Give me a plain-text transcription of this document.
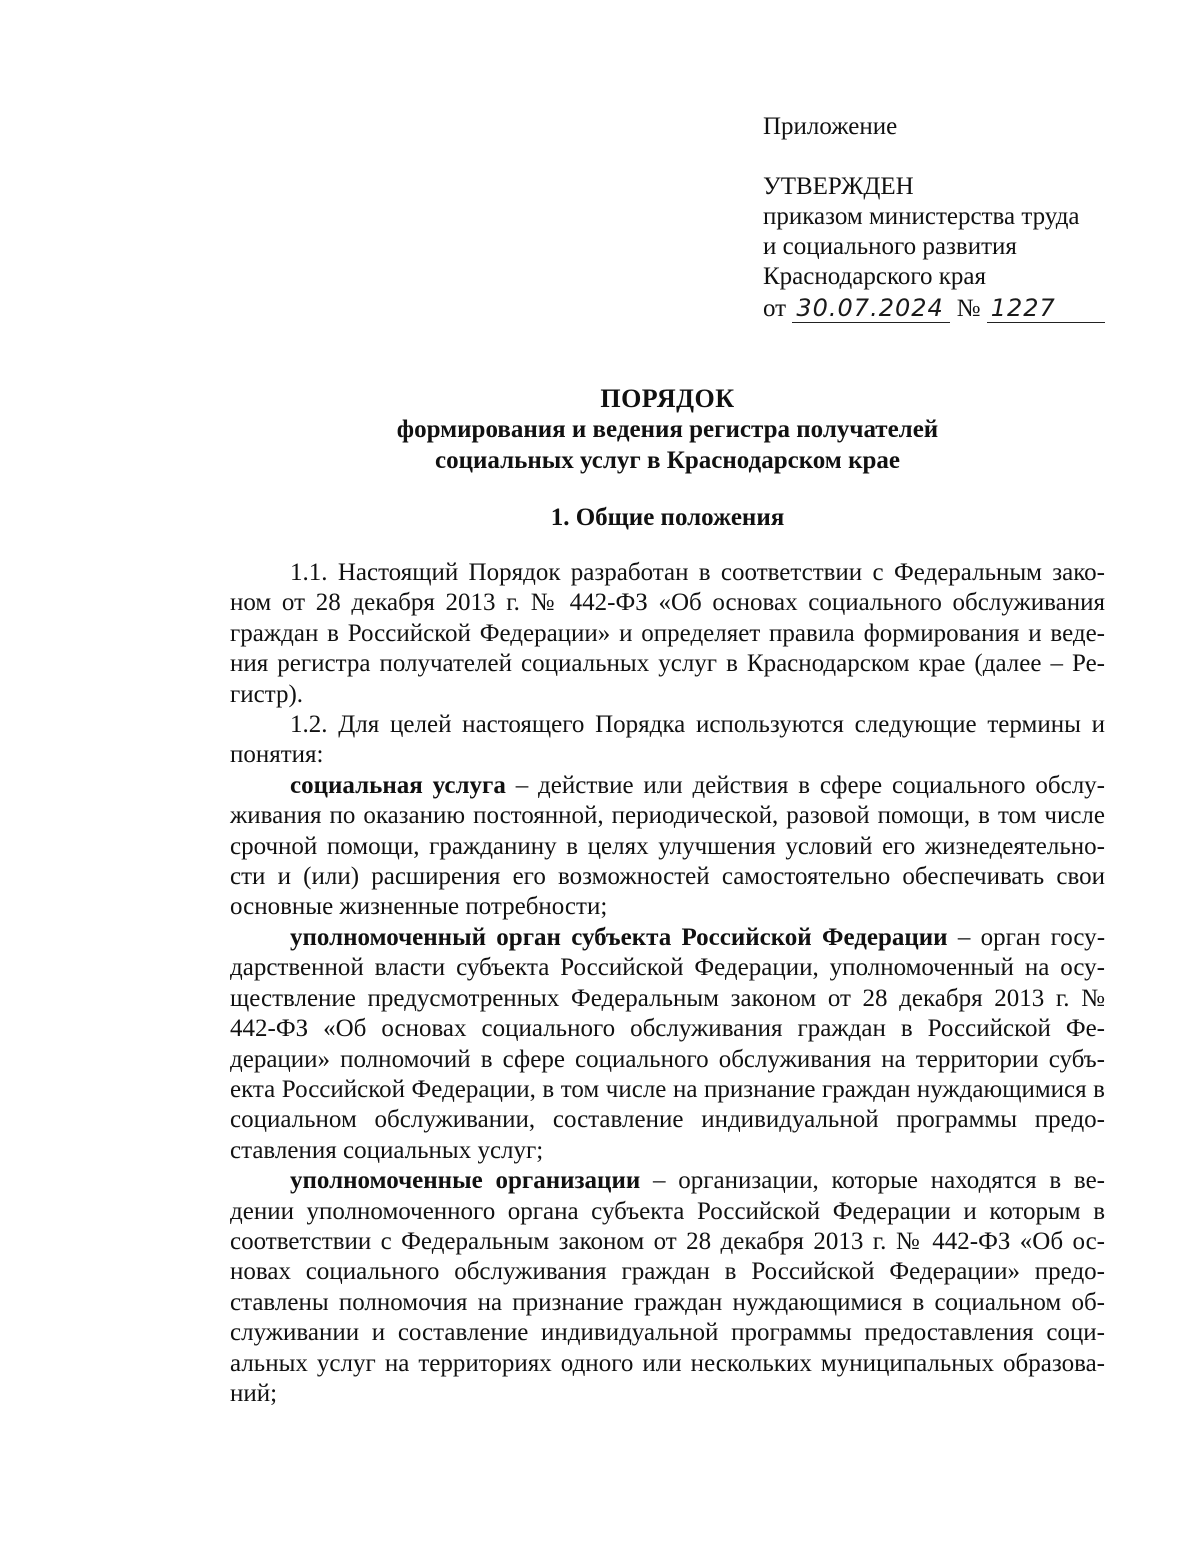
Приложение
УТВЕРЖДЕН
приказом министерства труда
и социального развития
Краснодарского края
от 30.07.2024 № 1227
ПОРЯДОК
формирования и ведения регистра получателей
социальных услуг в Краснодарском крае
1. Общие положения

1.1. Настоящий Порядок разработан в соответствии с Федеральным законом от 28 декабря 2013 г. № 442-ФЗ «Об основах социального обслуживания граждан в Российской Федерации» и определяет правила формирования и ведения регистра получателей социальных услуг в Краснодарском крае (далее – Регистр).

1.2. Для целей настоящего Порядка используются следующие термины и понятия:

социальная услуга – действие или действия в сфере социального обслуживания по оказанию постоянной, периодической, разовой помощи, в том числе срочной помощи, гражданину в целях улучшения условий его жизнедеятельности и (или) расширения его возможностей самостоятельно обеспечивать свои основные жизненные потребности;

уполномоченный орган субъекта Российской Федерации – орган государственной власти субъекта Российской Федерации, уполномоченный на осуществление предусмотренных Федеральным законом от 28 декабря 2013 г. № 442-ФЗ «Об основах социального обслуживания граждан в Российской Федерации» полномочий в сфере социального обслуживания на территории субъекта Российской Федерации, в том числе на признание граждан нуждающимися в социальном обслуживании, составление индивидуальной программы предоставления социальных услуг;

уполномоченные организации – организации, которые находятся в ведении уполномоченного органа субъекта Российской Федерации и которым в соответствии с Федеральным законом от 28 декабря 2013 г. № 442-ФЗ «Об основах социального обслуживания граждан в Российской Федерации» предоставлены полномочия на признание граждан нуждающимися в социальном обслуживании и составление индивидуальной программы предоставления социальных услуг на территориях одного или нескольких муниципальных образований;
